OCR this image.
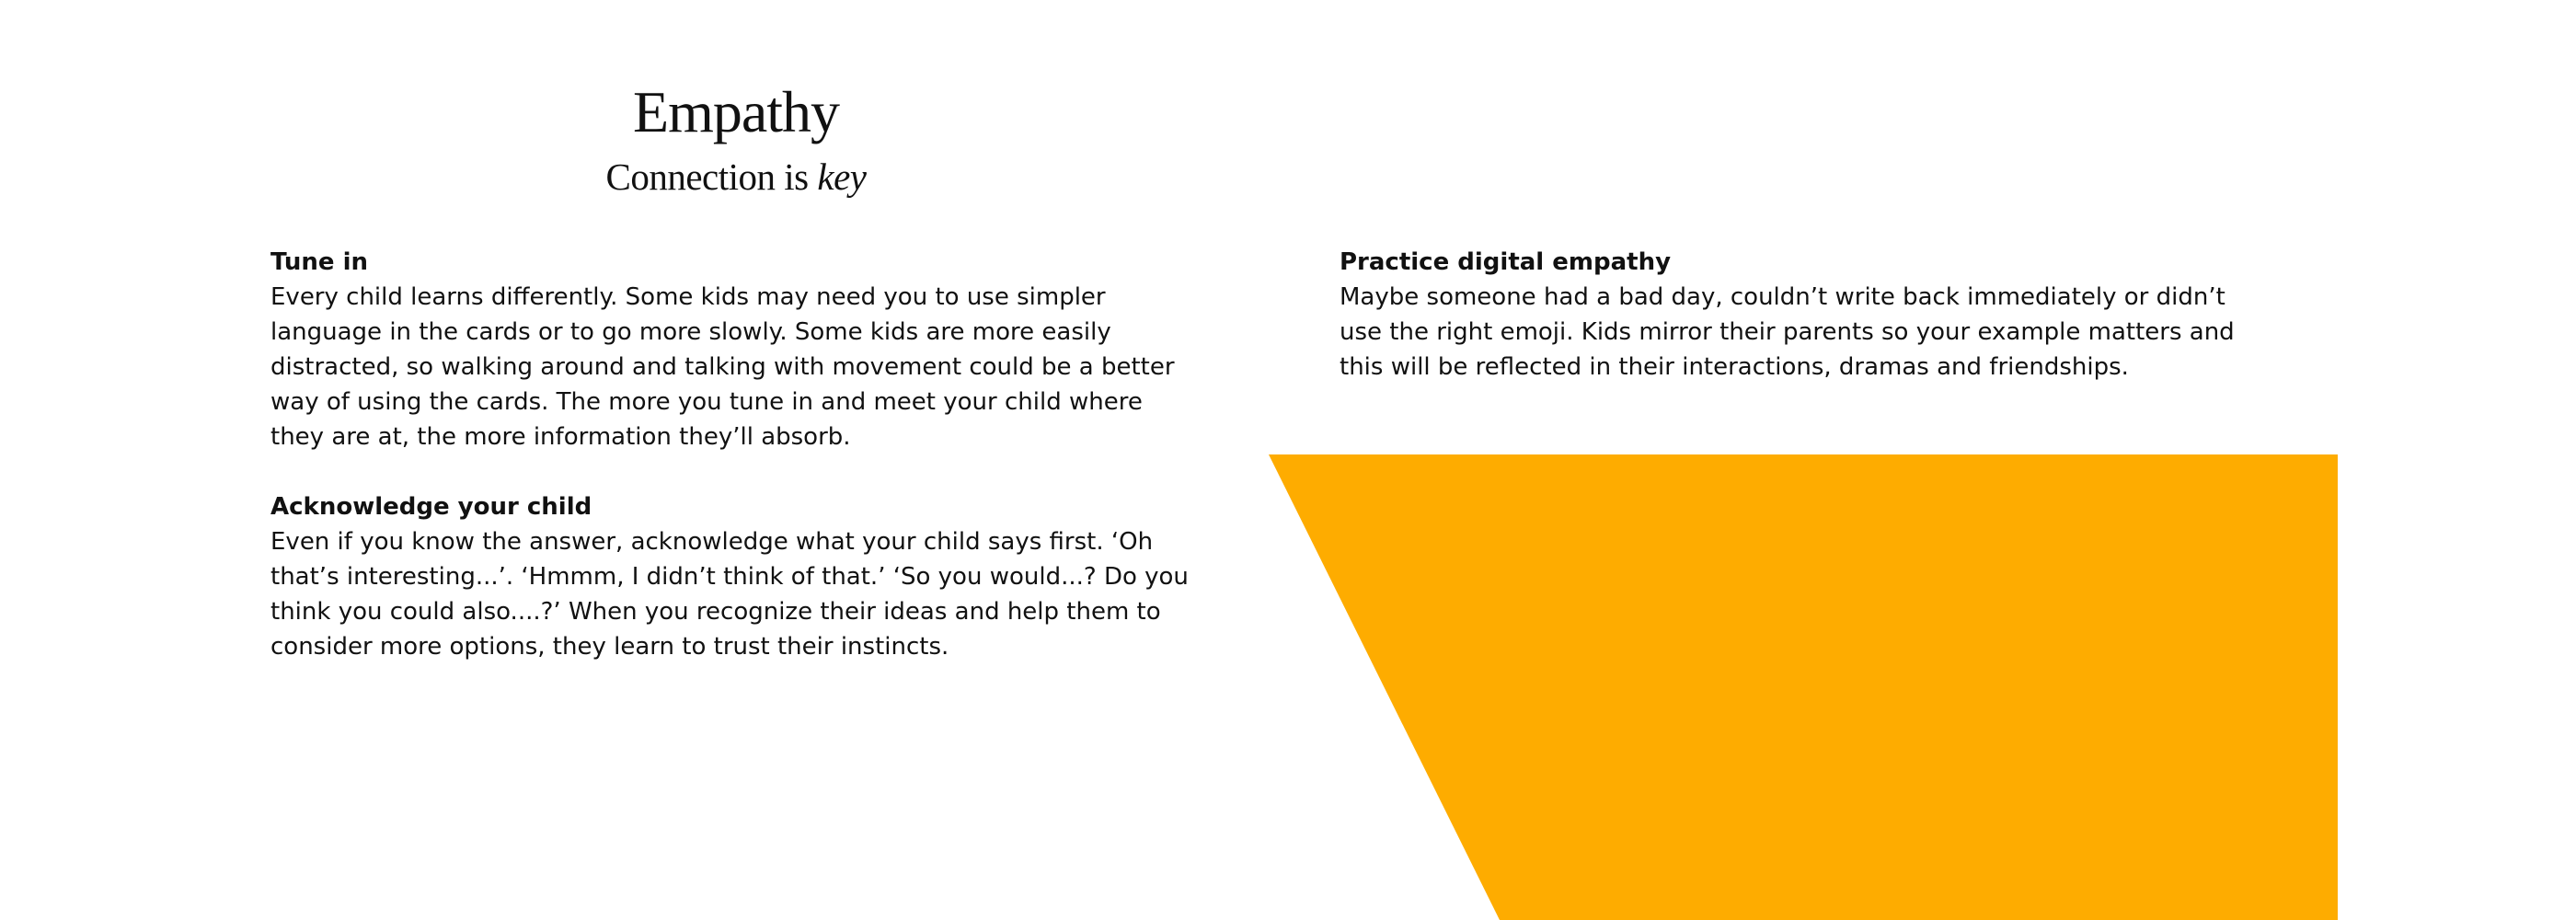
Empathy
Connection is key

Tune in

Every child learns differently. Some kids may need you to use simpler language in the cards or to go more slowly. Some kids are more easily distracted, so walking around and talking with movement could be a better way of using the cards. The more you tune in and meet your child where they are at, the more information they’ll absorb.

Acknowledge your child

Even if you know the answer, acknowledge what your child says first. ‘Oh that’s interesting...’. ‘Hmmm, I didn’t think of that.’ ‘So you would...? Do you think you could also....?’ When you recognize their ideas and help them to consider more options, they learn to trust their instincts.

Practice digital empathy

Maybe someone had a bad day, couldn’t write back immediately or didn’t use the right emoji. Kids mirror their parents so your example matters and this will be reflected in their interactions, dramas and friendships.
